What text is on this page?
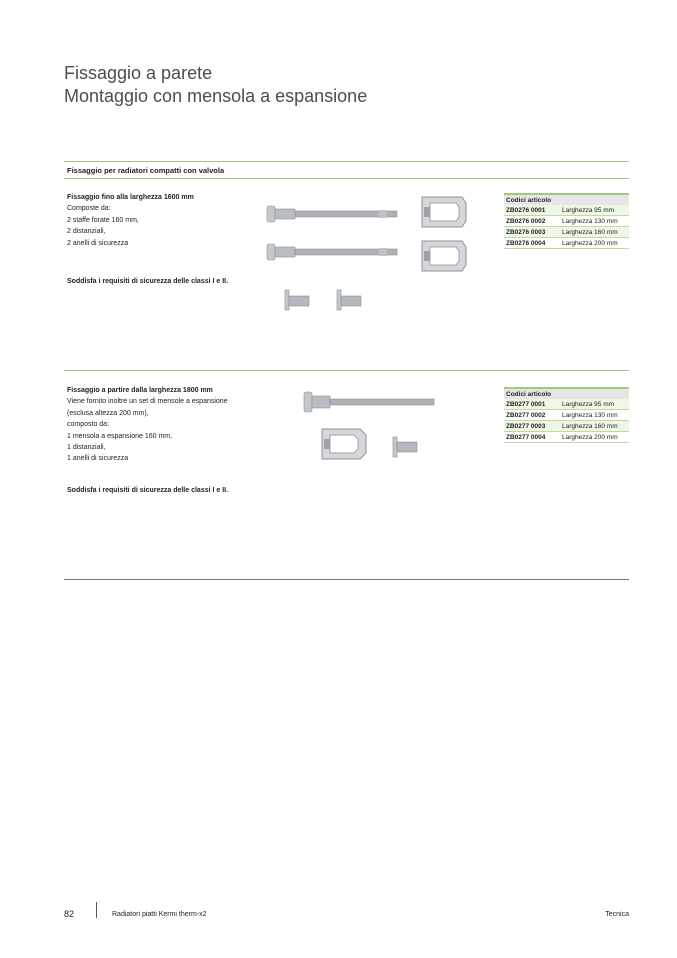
Fissaggio a parete
Montaggio con mensola a espansione
Fissaggio per radiatori compatti con valvola
Fissaggio fino alla larghezza 1600 mm
Composte da:
2 staffe forate 160 mm,
2 distanziali,
2 anelli di sicurezza
Soddisfa i requisiti di sicurezza delle classi I e II.
Codici articolo	
ZB0276 0001	Larghezza 95 mm
ZB0276 0002	Larghezza 130 mm
ZB0276 0003	Larghezza 160 mm
ZB0276 0004	Larghezza 200 mm
Fissaggio a partire dalla larghezza 1800 mm
Viene fornito inoltre un set di mensole a espansione
(esclusa altezza 200 mm),
composto da:
1 mensola a espansione 160 mm,
1 distanziali,
1 anelli di sicurezza
Soddisfa i requisiti di sicurezza delle classi I e II.
Codici articolo	
ZB0277 0001	Larghezza 95 mm
ZB0277 0002	Larghezza 130 mm
ZB0277 0003	Larghezza 160 mm
ZB0277 0004	Larghezza 200 mm
82	Radiatori piatti Kermi therm-x2	Tecnica
